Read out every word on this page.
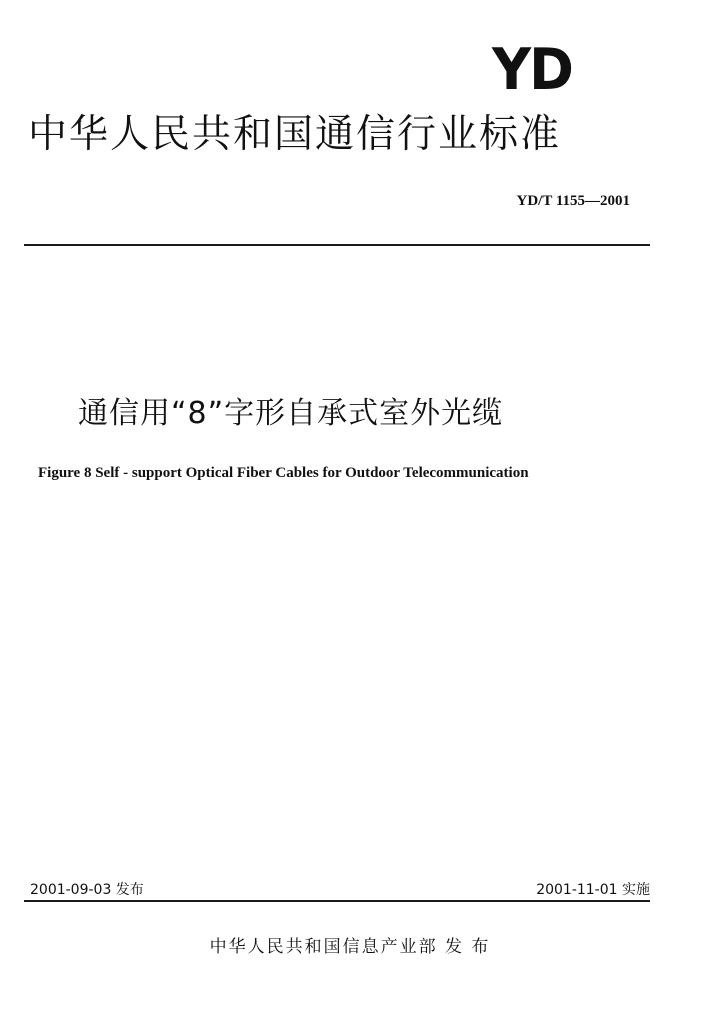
YD
中华人民共和国通信行业标准
YD/T 1155—2001
通信用“8”字形自承式室外光缆
Figure 8 Self - support Optical Fiber Cables for Outdoor Telecommunication
2001-09-03 发布	2001-11-01 实施
中华人民共和国信息产业部 发 布
